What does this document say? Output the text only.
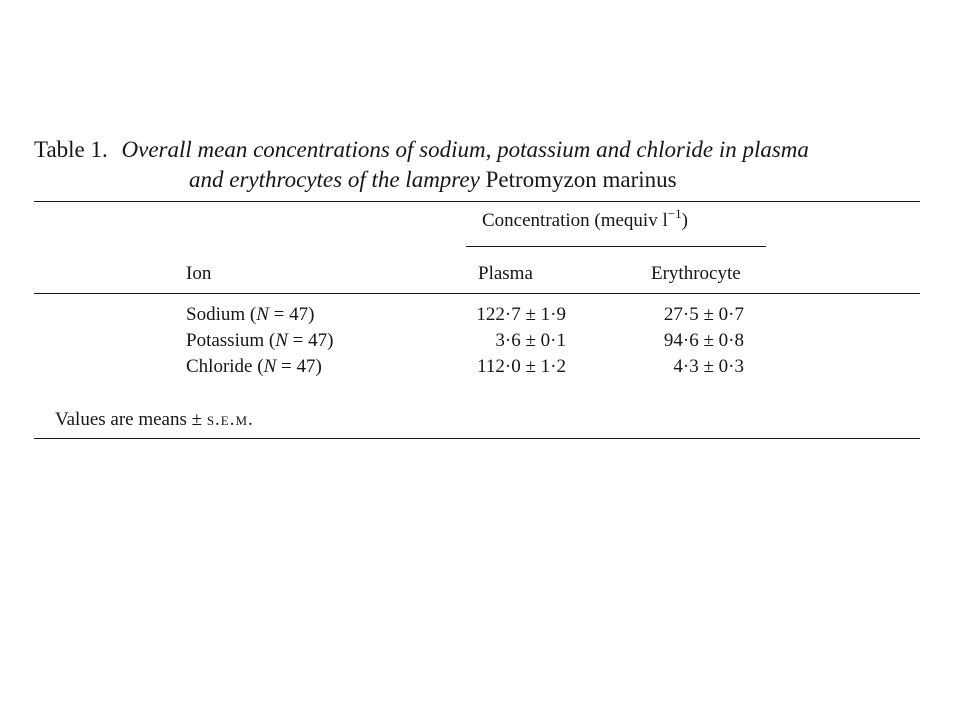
Table 1. Overall mean concentrations of sodium, potassium and chloride in plasma
and erythrocytes of the lamprey Petromyzon marinus
Concentration (mequiv $l^{-1}$)
Ion	Plasma	Erythrocyte
Sodium (N = 47)	122·7 ± 1·9	27·5 ± 0·7
Potassium (N = 47)	3·6 ± 0·1	94·6 ± 0·8
Chloride (N = 47)	112·0 ± 1·2	4·3 ± 0·3
Values are means ± s.e.m.
